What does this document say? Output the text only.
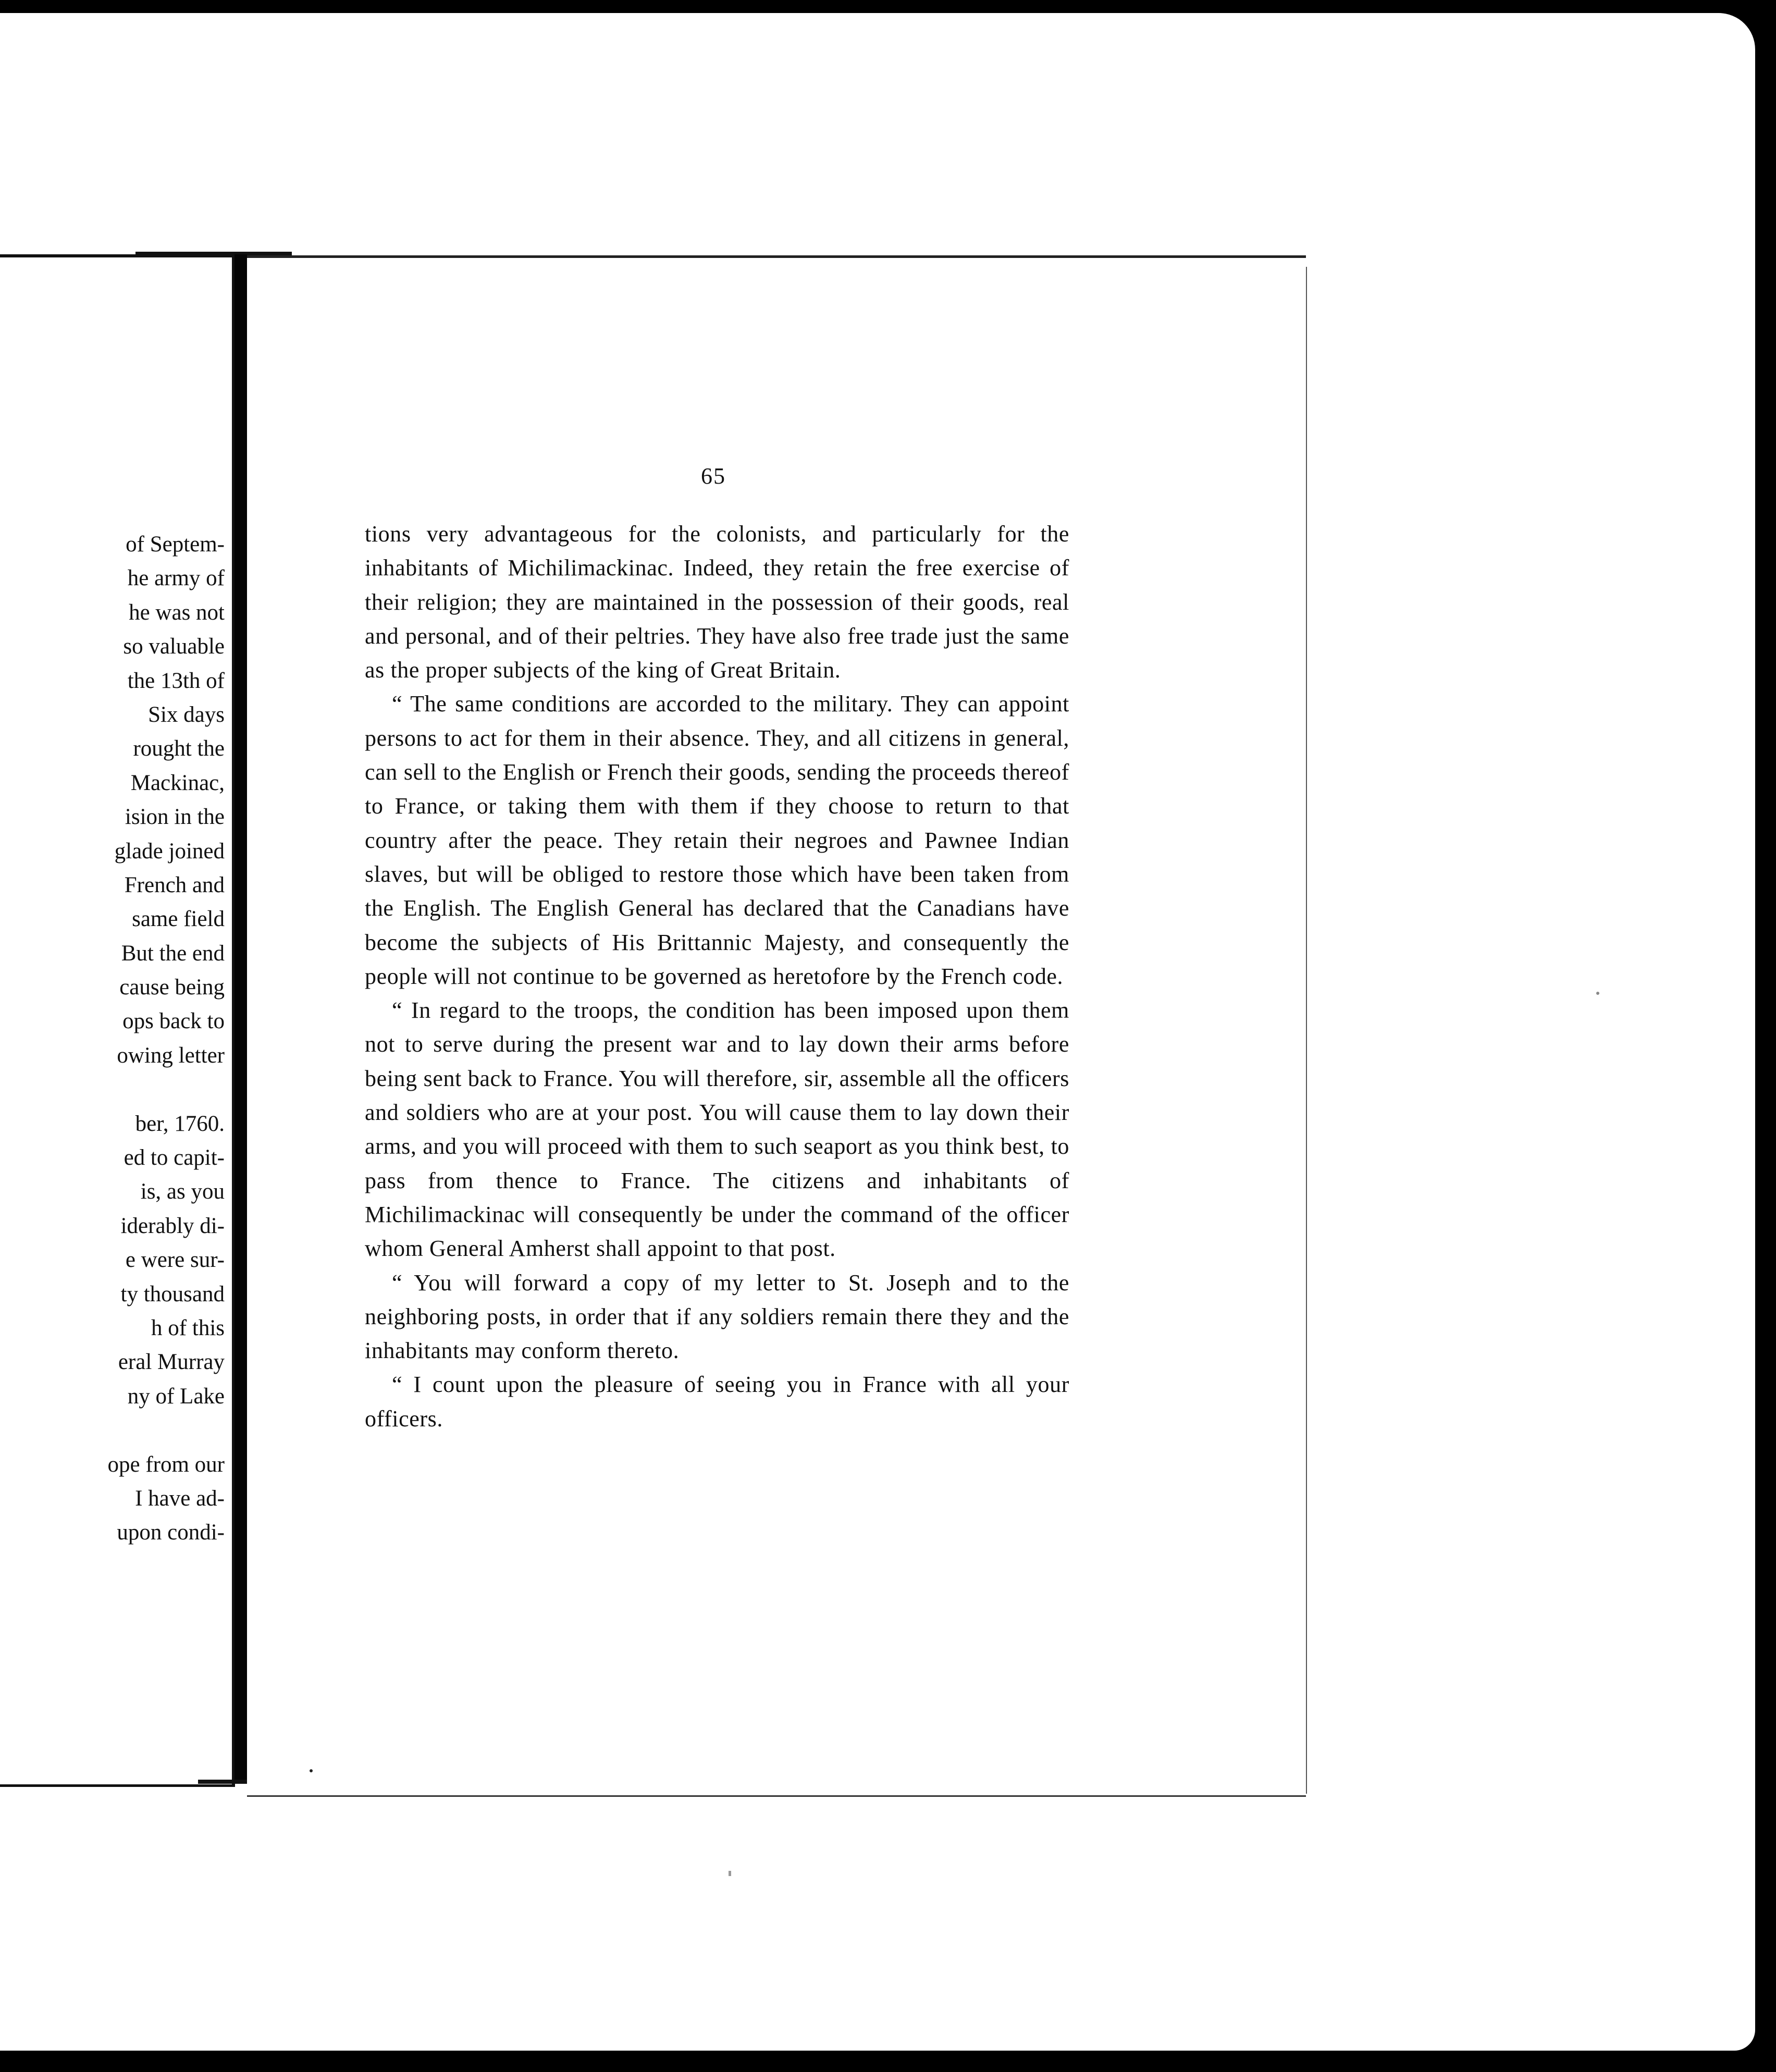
of Septem-
he army of
he was not
so valuable
the 13th of
Six days
rought the
Mackinac,
ision in the
glade joined
French and
same field
But the end
cause being
ops back to
owing letter
ber, 1760.
ed to capit-
is, as you
iderably di-
e were sur-
ty thousand
h of this
eral Murray
ny of Lake
ope from our
I have ad-
upon condi-
65

tions very advantageous for the colonists, and particularly for the inhabitants of Michilimackinac. Indeed, they retain the free exercise of their religion; they are maintained in the possession of their goods, real and personal, and of their peltries. They have also free trade just the same as the proper subjects of the king of Great Britain.

“ The same conditions are accorded to the military. They can appoint persons to act for them in their absence. They, and all citizens in general, can sell to the English or French their goods, sending the proceeds thereof to France, or taking them with them if they choose to return to that country after the peace. They retain their negroes and Pawnee Indian slaves, but will be obliged to restore those which have been taken from the English. The English General has declared that the Canadians have become the subjects of His Brittannic Majesty, and consequently the people will not continue to be governed as heretofore by the French code.

“ In regard to the troops, the condition has been imposed upon them not to serve during the present war and to lay down their arms before being sent back to France. You will therefore, sir, assemble all the officers and soldiers who are at your post. You will cause them to lay down their arms, and you will proceed with them to such seaport as you think best, to pass from thence to France. The citizens and inhabitants of Michilimackinac will consequently be under the command of the officer whom General Amherst shall appoint to that post.

“ You will forward a copy of my letter to St. Joseph and to the neighboring posts, in order that if any soldiers remain there they and the inhabitants may conform thereto.

“ I count upon the pleasure of seeing you in France with all your officers.
